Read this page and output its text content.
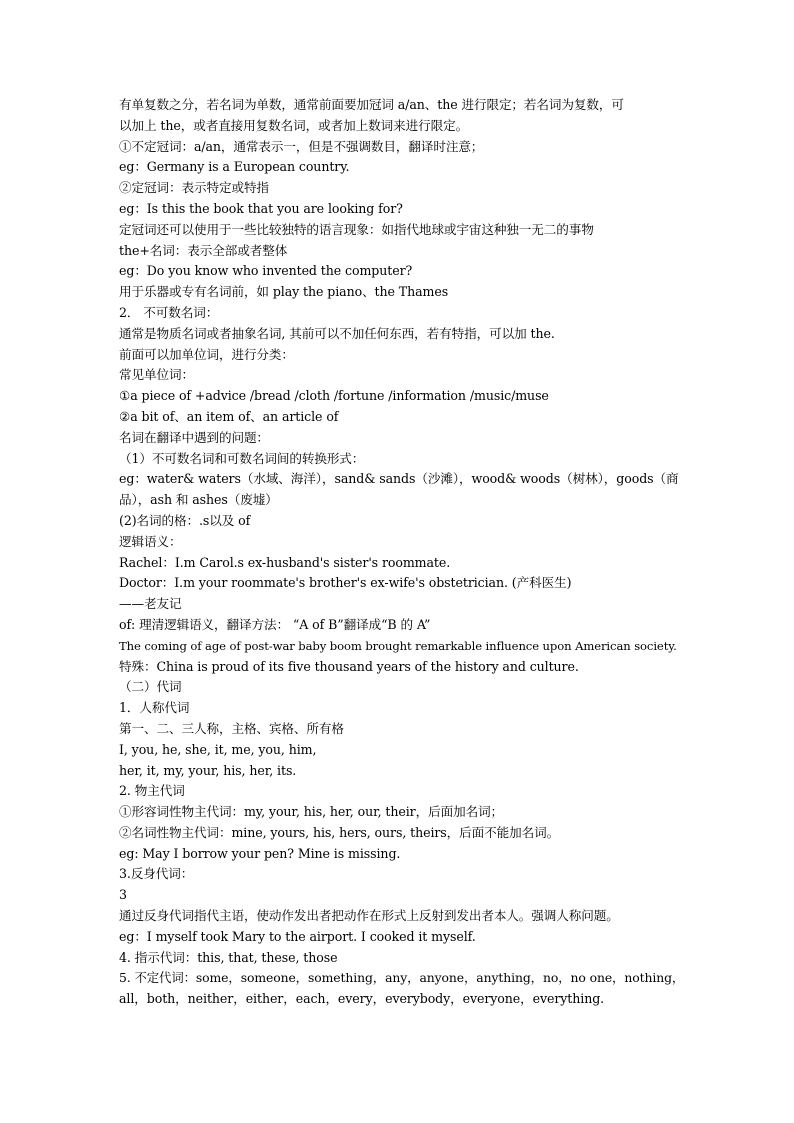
有单复数之分，若名词为单数，通常前面要加冠词 a/an、the 进行限定；若名词为复数，可
以加上 the，或者直接用复数名词，或者加上数词来进行限定。
①不定冠词：a/an，通常表示一，但是不强调数目，翻译时注意；
eg：Germany is a European country.
②定冠词：表示特定或特指
eg：Is this the book that you are looking for?
定冠词还可以使用于一些比较独特的语言现象：如指代地球或宇宙这种独一无二的事物
the+名词：表示全部或者整体
eg：Do you know who invented the computer?
用于乐器或专有名词前，如 play the piano、the Thames
2． 不可数名词：
通常是物质名词或者抽象名词, 其前可以不加任何东西，若有特指，可以加 the.
前面可以加单位词，进行分类：
常见单位词：
①a piece of +advice /bread /cloth /fortune /information /music/muse
②a bit of、an item of、an article of
名词在翻译中遇到的问题：
（1）不可数名词和可数名词间的转换形式：
eg：water& waters（水域、海洋），sand& sands（沙滩），wood& woods（树林），goods（商
品），ash 和 ashes（废墟）
(2)名词的格：.s以及 of
逻辑语义：
Rachel：I.m Carol.s ex-husband's sister's roommate.
Doctor：I.m your roommate's brother's ex-wife's obstetrician. (产科医生)
——老友记
of: 理清逻辑语义，翻译方法： “A of B”翻译成“B 的 A”
The coming of age of post-war baby boom brought remarkable influence upon American society.
特殊：China is proud of its five thousand years of the history and culture.
（二）代词
1．人称代词
第一、二、三人称，主格、宾格、所有格
I, you, he, she, it, me, you, him,
her, it, my, your, his, her, its.
2. 物主代词
①形容词性物主代词：my, your, his, her, our, their，后面加名词；
②名词性物主代词：mine, yours, his, hers, ours, theirs，后面不能加名词。
eg: May I borrow your pen? Mine is missing.
3.反身代词：
3
通过反身代词指代主语，使动作发出者把动作在形式上反射到发出者本人。强调人称问题。
eg：I myself took Mary to the airport. I cooked it myself.
4. 指示代词：this, that, these, those
5. 不定代词：some，someone，something，any，anyone，anything，no，no one，nothing，
all，both，neither，either，each，every，everybody，everyone，everything.
